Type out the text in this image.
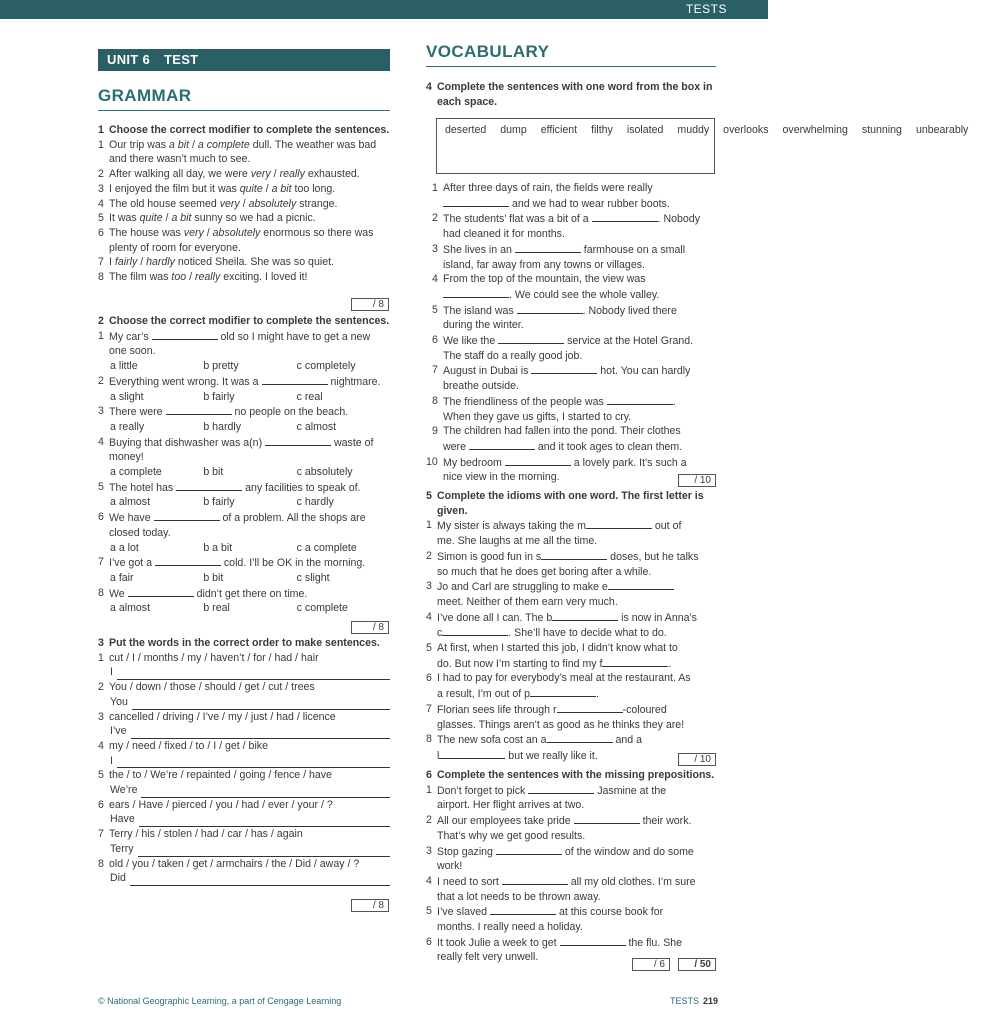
TESTS
UNIT 6 TEST
GRAMMAR
VOCABULARY
1 Choose the correct modifier to complete the sentences.
1 Our trip was a bit / a complete dull. The weather was bad and there wasn’t much to see.
2 After walking all day, we were very / really exhausted.
3 I enjoyed the film but it was quite / a bit too long.
4 The old house seemed very / absolutely strange.
5 It was quite / a bit sunny so we had a picnic.
6 The house was very / absolutely enormous so there was plenty of room for everyone.
7 I fairly / hardly noticed Sheila. She was so quiet.
8 The film was too / really exciting. I loved it!
/ 8
2 Choose the correct modifier to complete the sentences.
1 My car’s	old so I might have to get a new one soon.
a little	b pretty	c completely
2 Everything went wrong. It was a	nightmare.
a slight	b fairly	c real
3 There were	no people on the beach.
a really	b hardly	c almost
4 Buying that dishwasher was a(n)	waste of money!
a complete	b bit	c absolutely
5 The hotel has	any facilities to speak of.
a almost	b fairly	c hardly
6 We have	of a problem. All the shops are closed today.
a a lot	b a bit	c a complete
7 I’ve got a	cold. I’ll be OK in the morning.
a fair	b bit	c slight
8 We	didn’t get there on time.
a almost	b real	c complete
/ 8
3 Put the words in the correct order to make sentences.
1 cut / I / months / my / haven’t / for / had / hair
I
2 You / down / those / should / get / cut / trees
You
3 cancelled / driving / I’ve / my / just / had / licence
I’ve
4 my / need / fixed / to / I / get / bike
I
5 the / to / We’re / repainted / going / fence / have
We’re
6 ears / Have / pierced / you / had / ever / your / ?
Have
7 Terry / his / stolen / had / car / has / again
Terry
8 old / you / taken / get / armchairs / the / Did / away / ?
Did
/ 8
4 Complete the sentences with one word from the box in each space.
deserted dump efficient filthy isolated muddy overlooks overwhelming stunning unbearably
1 After three days of rain, the fields were really
and we had to wear rubber boots.
2 The students’ flat was a bit of a	. Nobody
had cleaned it for months.
3 She lives in an	farmhouse on a small
island, far away from any towns or villages.
4 From the top of the mountain, the view was
. We could see the whole valley.
5 The island was	. Nobody lived there
during the winter.
6 We like the	service at the Hotel Grand.
The staff do a really good job.
7 August in Dubai is	hot. You can hardly
breathe outside.
8 The friendliness of the people was	.
When they gave us gifts, I started to cry.
9 The children had fallen into the pond. Their clothes
were	and it took ages to clean them.
10 My bedroom	a lovely park. It’s such a
nice view in the morning.	/ 10
5 Complete the idioms with one word. The first letter is given.
1 My sister is always taking the m	out of
me. She laughs at me all the time.
2 Simon is good fun in s	doses, but he talks
so much that he does get boring after a while.
3 Jo and Carl are struggling to make e
meet. Neither of them earn very much.
4 I’ve done all I can. The b	is now in Anna’s
c	. She’ll have to decide what to do.
5 At first, when I started this job, I didn’t know what to
do. But now I’m starting to find my f	.
6 I had to pay for everybody’s meal at the restaurant. As
a result, I’m out of p	.
7 Florian sees life through r	-coloured
glasses. Things aren’t as good as he thinks they are!
8 The new sofa cost an a	and a
l	but we really like it.	/ 10
6 Complete the sentences with the missing prepositions.
1 Don’t forget to pick	Jasmine at the
airport. Her flight arrives at two.
2 All our employees take pride	their work.
That’s why we get good results.
3 Stop gazing	of the window and do some
work!
4 I need to sort	all my old clothes. I’m sure
that a lot needs to be thrown away.
5 I’ve slaved	at this course book for
months. I really need a holiday.
6 It took Julie a week to get	the flu. She
really felt very unwell.
/ 6	/ 50
© National Geographic Learning, a part of Cengage Learning	TESTS 219
